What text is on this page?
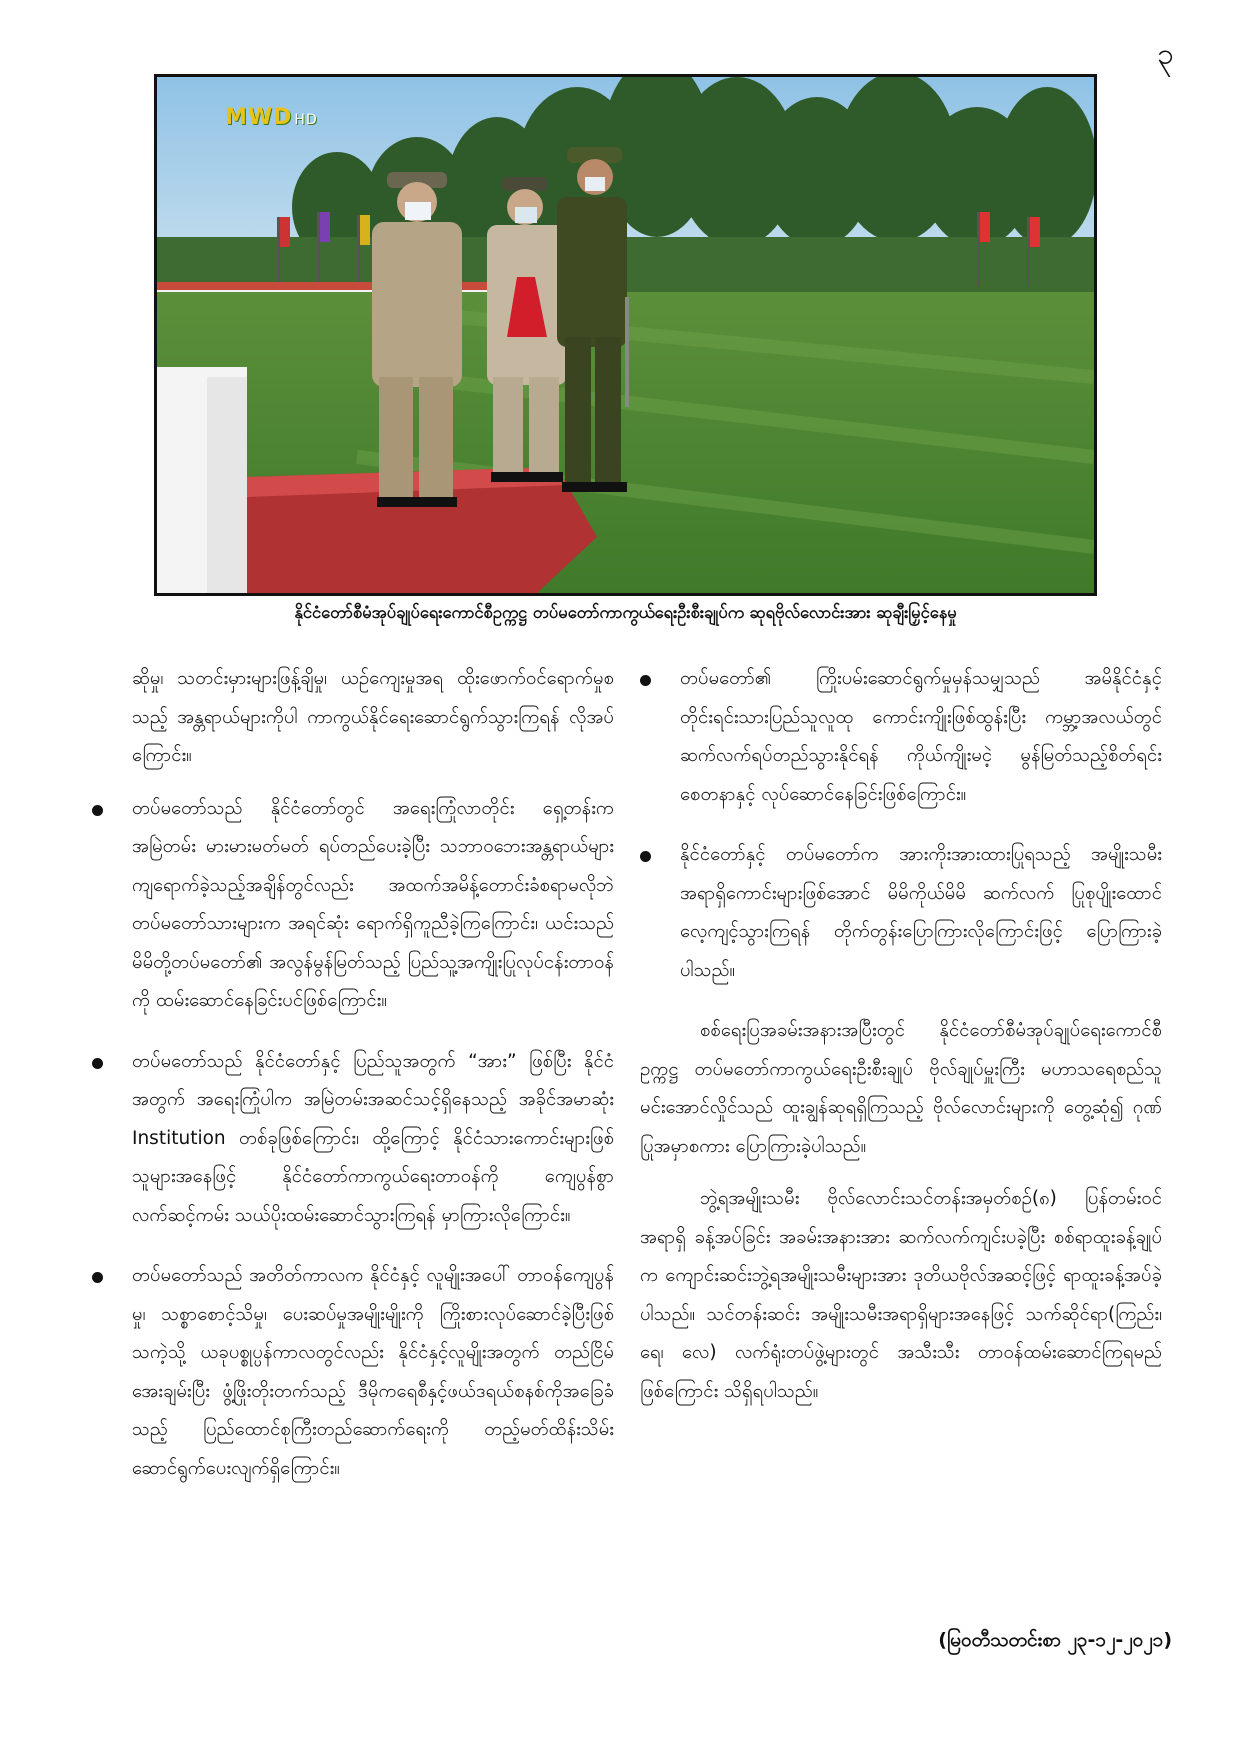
၃
MWD HD
နိုင်ငံတော်စီမံအုပ်ချုပ်ရေးကောင်စီဥက္ကဋ္ဌ တပ်မတော်ကာကွယ်ရေးဦးစီးချုပ်က ဆုရဗိုလ်လောင်းအား ဆုချီးမြှင့်နေမှု

ဆိုမှု၊ သတင်းမှားများဖြန့်ချိမှု၊ ယဉ်ကျေးမှုအရ ထိုးဖောက်ဝင်ရောက်မှုစသည့် အန္တရာယ်များကိုပါ ကာကွယ်နိုင်ရေးဆောင်ရွက်သွားကြရန် လိုအပ်ကြောင်း။

တပ်မတော်သည် နိုင်ငံတော်တွင် အရေးကြုံလာတိုင်း ရှေ့တန်းက အမြဲတမ်း မားမားမတ်မတ် ရပ်တည်ပေးခဲ့ပြီး သဘာဝဘေးအန္တရာယ်များ ကျရောက်ခဲ့သည့်အချိန်တွင်လည်း အထက်အမိန့်တောင်းခံစရာမလိုဘဲ တပ်မတော်သားများက အရင်ဆုံး ရောက်ရှိကူညီခဲ့ကြကြောင်း၊ ယင်းသည် မိမိတို့တပ်မတော်၏ အလွန်မွန်မြတ်သည့် ပြည်သူ့အကျိုးပြုလုပ်ငန်းတာဝန်ကို ထမ်းဆောင်နေခြင်းပင်ဖြစ်ကြောင်း။
တပ်မတော်သည် နိုင်ငံတော်နှင့် ပြည်သူအတွက် “အား” ဖြစ်ပြီး နိုင်ငံအတွက် အရေးကြုံပါက အမြဲတမ်းအဆင်သင့်ရှိနေသည့် အခိုင်အမာဆုံး Institution တစ်ခုဖြစ်ကြောင်း၊ ထို့ကြောင့် နိုင်ငံသားကောင်းများဖြစ်သူများအနေဖြင့် နိုင်ငံတော်ကာကွယ်ရေးတာဝန်ကို ကျေပွန်စွာ လက်ဆင့်ကမ်း သယ်ပိုးထမ်းဆောင်သွားကြရန် မှာကြားလိုကြောင်း။
တပ်မတော်သည် အတိတ်ကာလက နိုင်ငံနှင့် လူမျိုးအပေါ် တာဝန်ကျေပွန်မှု၊ သစ္စာစောင့်သိမှု၊ ပေးဆပ်မှုအမျိုးမျိုးကို ကြိုးစားလုပ်ဆောင်ခဲ့ပြီးဖြစ်သကဲ့သို့ ယခုပစ္စုပ္ပန်ကာလတွင်လည်း နိုင်ငံနှင့်လူမျိုးအတွက် တည်ငြိမ်အေးချမ်းပြီး ဖွံ့ဖြိုးတိုးတက်သည့် ဒီမိုကရေစီနှင့်ဖယ်ဒရယ်စနစ်ကိုအခြေခံသည့် ပြည်ထောင်စုကြီးတည်ဆောက်ရေးကို တည့်မတ်ထိန်းသိမ်း ဆောင်ရွက်ပေးလျက်ရှိကြောင်း။
တပ်မတော်၏ ကြိုးပမ်းဆောင်ရွက်မှုမှန်သမျှသည် အမိနိုင်ငံနှင့် တိုင်းရင်းသားပြည်သူလူထု ကောင်းကျိုးဖြစ်ထွန်းပြီး ကမ္ဘာ့အလယ်တွင် ဆက်လက်ရပ်တည်သွားနိုင်ရန် ကိုယ်ကျိုးမငဲ့ မွန်မြတ်သည့်စိတ်ရင်းစေတနာနှင့် လုပ်ဆောင်နေခြင်းဖြစ်ကြောင်း။
နိုင်ငံတော်နှင့် တပ်မတော်က အားကိုးအားထားပြုရသည့် အမျိုးသမီးအရာရှိကောင်းများဖြစ်အောင် မိမိကိုယ်မိမိ ဆက်လက် ပြုစုပျိုးထောင်လေ့ကျင့်သွားကြရန် တိုက်တွန်းပြောကြားလိုကြောင်းဖြင့် ပြောကြားခဲ့ပါသည်။

စစ်ရေးပြအခမ်းအနားအပြီးတွင် နိုင်ငံတော်စီမံအုပ်ချုပ်ရေးကောင်စီဥက္ကဋ္ဌ တပ်မတော်ကာကွယ်ရေးဦးစီးချုပ် ဗိုလ်ချုပ်မှူးကြီး မဟာသရေစည်သူ မင်းအောင်လှိုင်သည် ထူးချွန်ဆုရရှိကြသည့် ဗိုလ်လောင်းများကို တွေ့ဆုံ၍ ဂုဏ်ပြုအမှာစကား ပြောကြားခဲ့ပါသည်။

ဘွဲ့ရအမျိုးသမီး ဗိုလ်လောင်းသင်တန်းအမှတ်စဉ်(၈) ပြန်တမ်းဝင်အရာရှိ ခန့်အပ်ခြင်း အခမ်းအနားအား ဆက်လက်ကျင်းပခဲ့ပြီး စစ်ရာထူးခန့်ချုပ်က ကျောင်းဆင်းဘွဲ့ရအမျိုးသမီးများအား ဒုတိယဗိုလ်အဆင့်ဖြင့် ရာထူးခန့်အပ်ခဲ့ပါသည်။ သင်တန်းဆင်း အမျိုးသမီးအရာရှိများအနေဖြင့် သက်ဆိုင်ရာ(ကြည်း၊ ရေ၊ လေ) လက်ရုံးတပ်ဖွဲ့များတွင် အသီးသီး တာဝန်ထမ်းဆောင်ကြရမည်ဖြစ်ကြောင်း သိရှိရပါသည်။

(မြဝတီသတင်းစာ ၂၃-၁၂-၂၀၂၁)
